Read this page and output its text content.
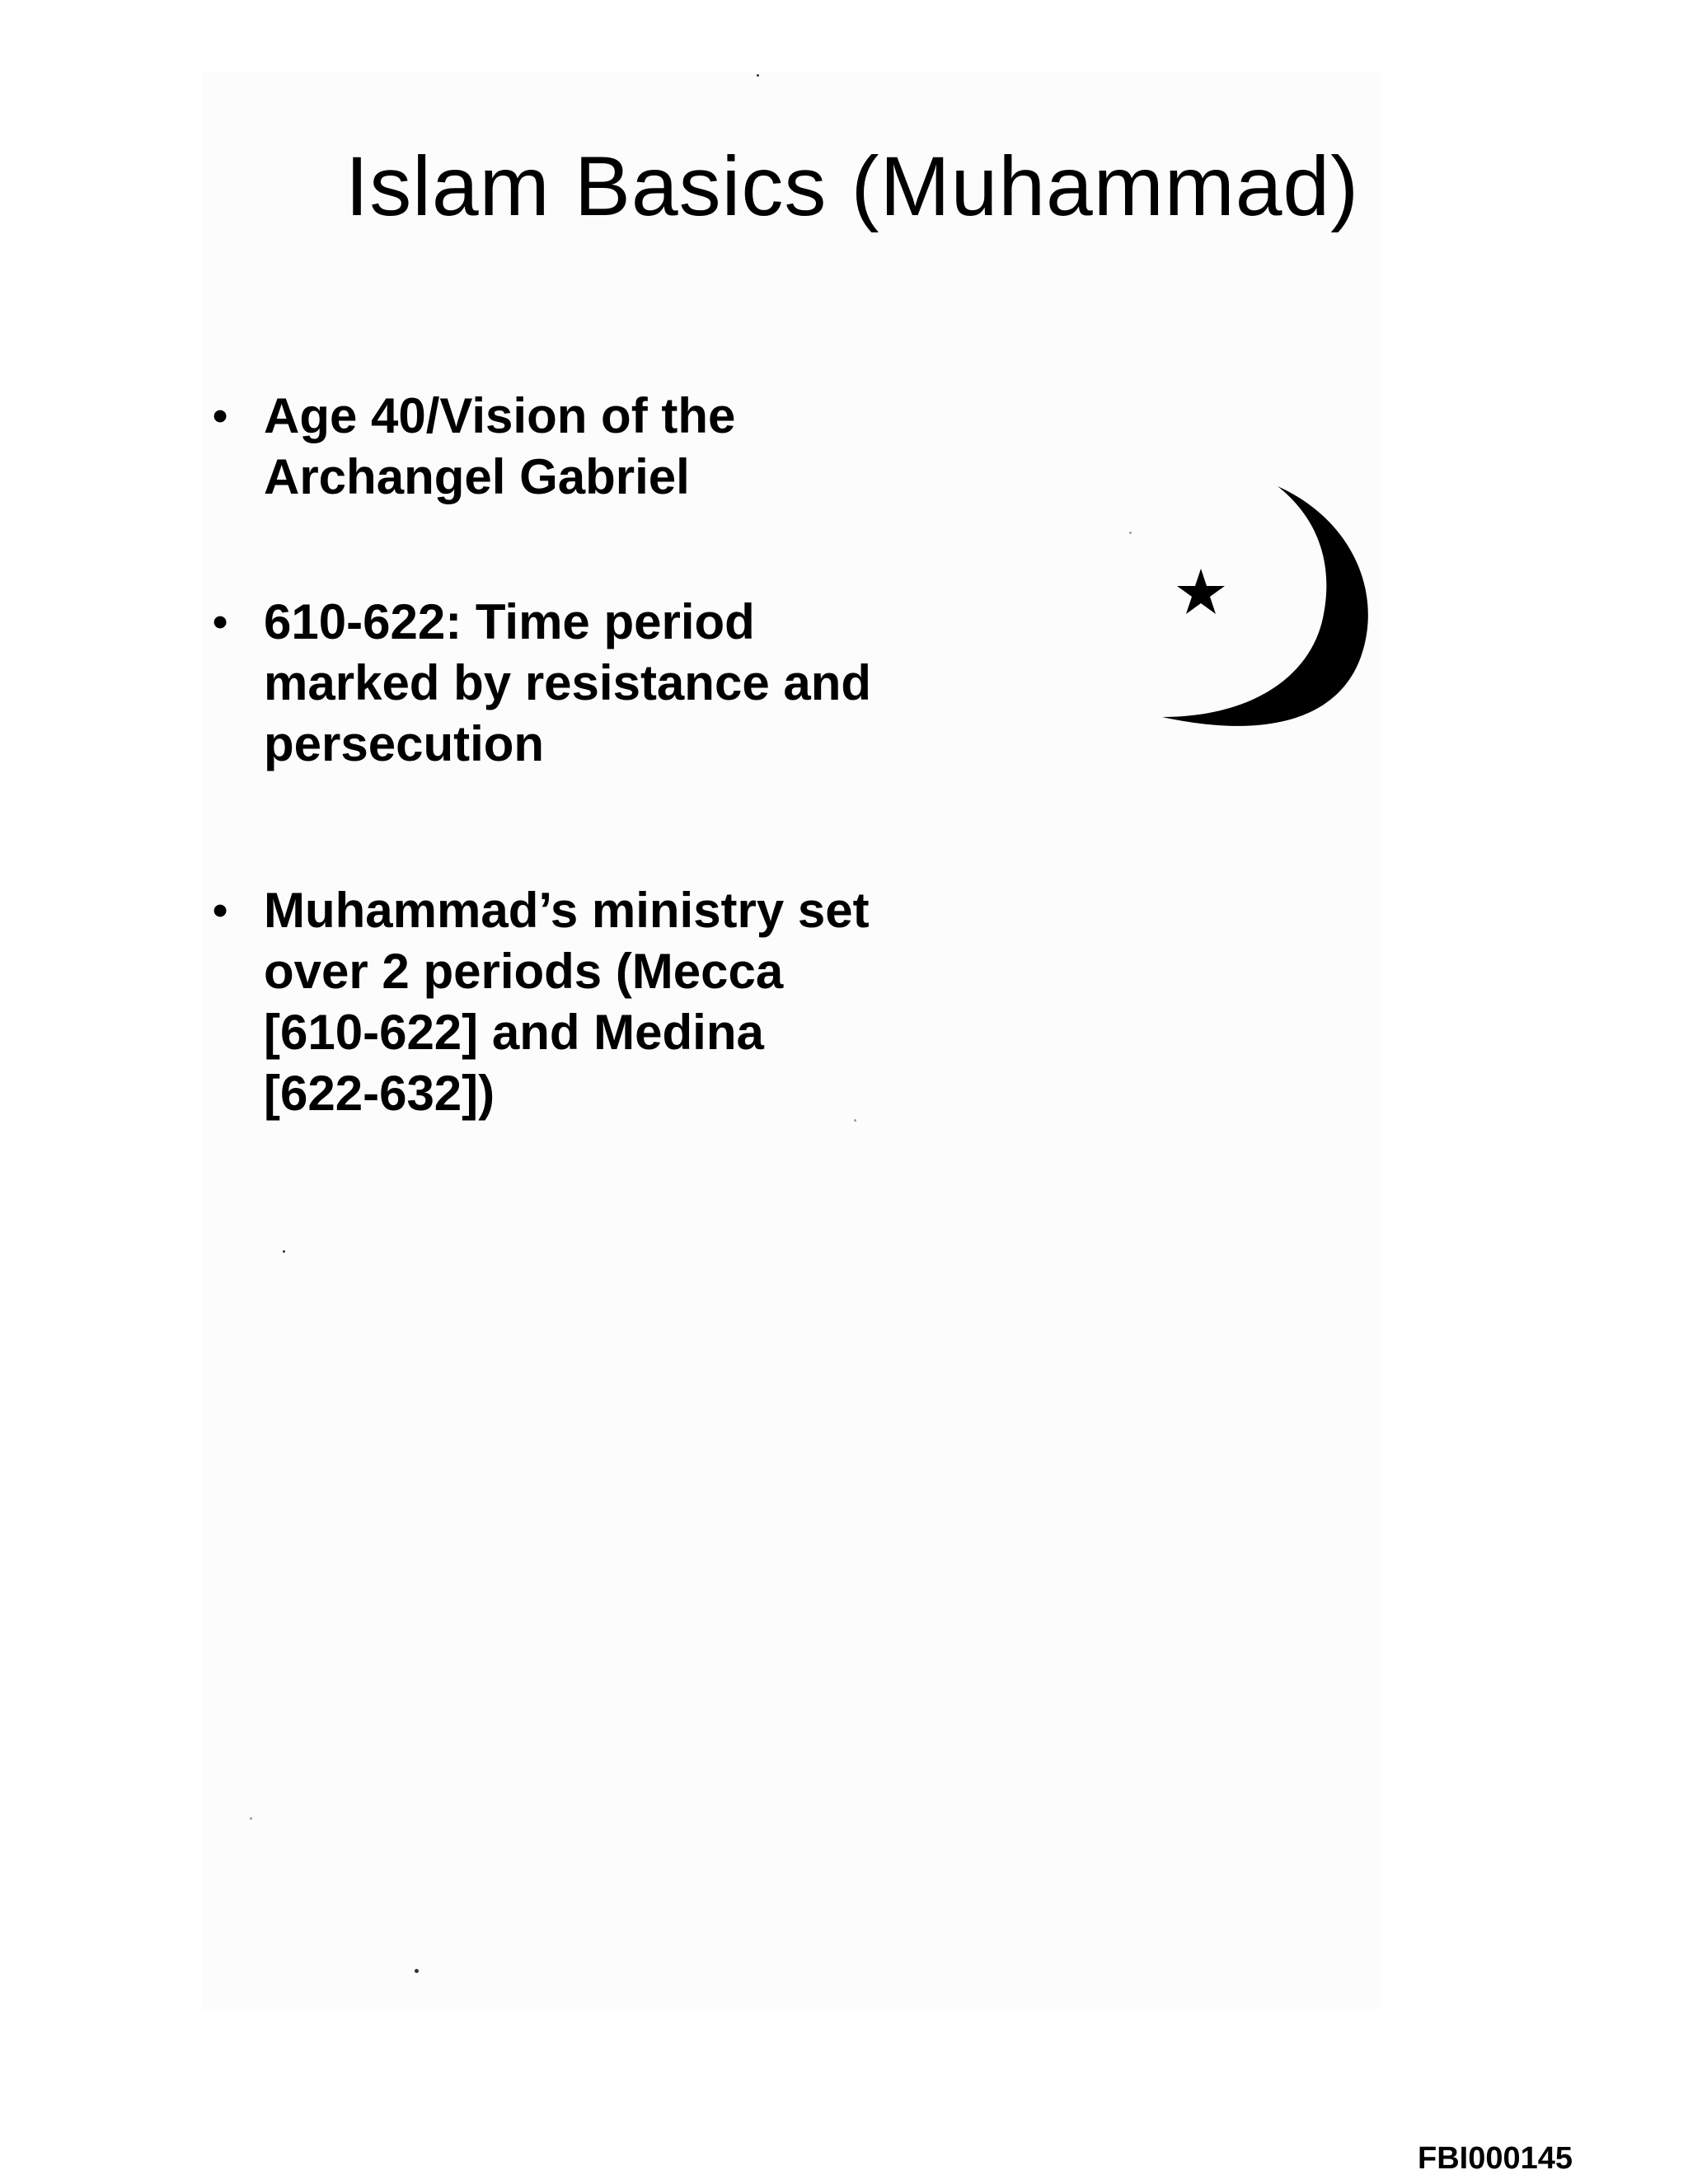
Islam Basics (Muhammad)
• Age 40/Vision of the
Archangel Gabriel
• 610-622: Time period
marked by resistance and
persecution
• Muhammad’s ministry set
over 2 periods (Mecca
[610-622] and Medina
[622-632])
FBI000145
